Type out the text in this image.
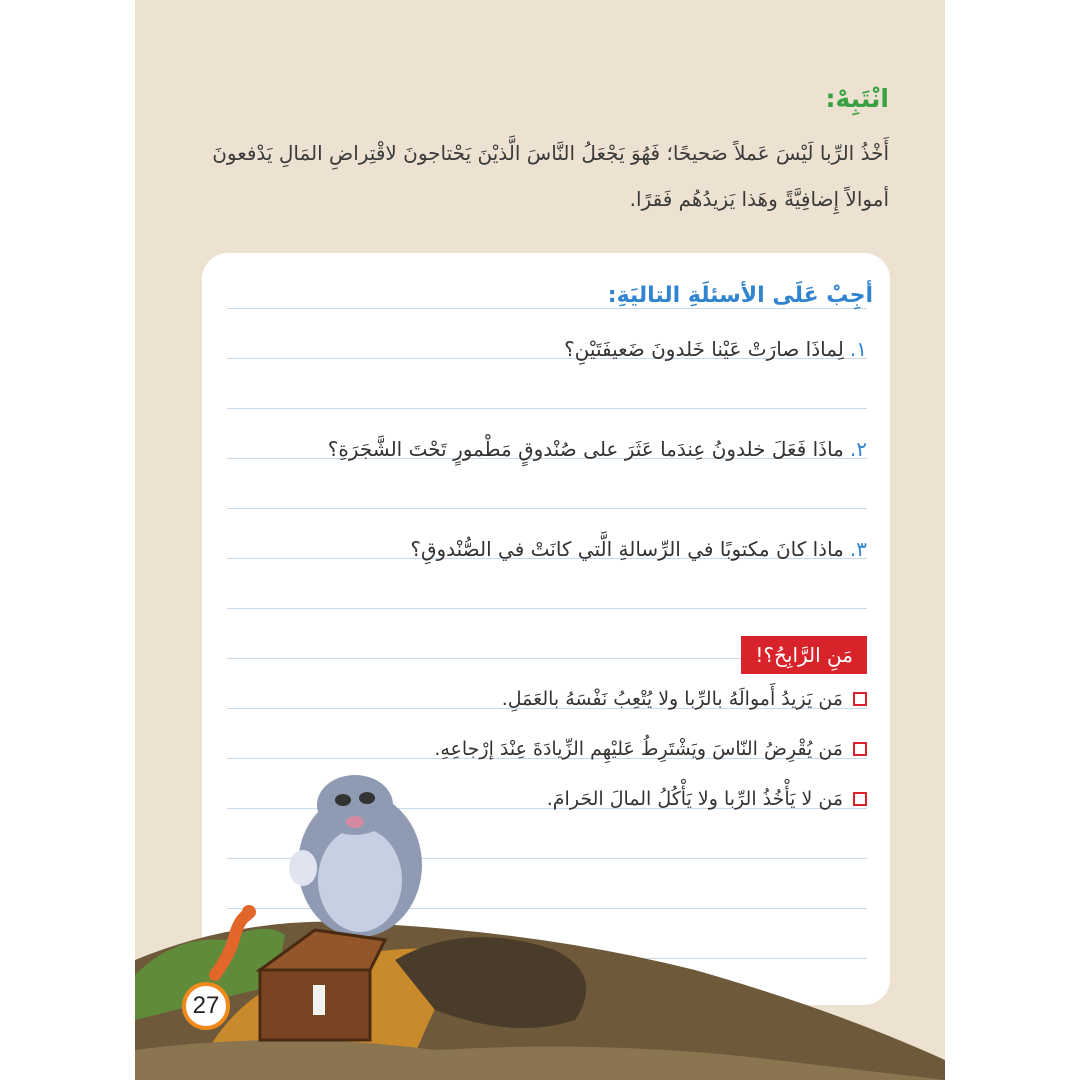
انْتَبِهْ:

أَخْذُ الرِّبا لَيْسَ عَملاً صَحيحًا؛ فَهُوَ يَجْعَلُ النَّاسَ الَّذيْنَ يَحْتاجونَ لاقْتِراضِ المَالِ يَدْفعونَ أموالاً إِضافِيَّةً وهَذا يَزيدُهُم فَقرًا.

أجِبْ عَلَى الأسئلَةِ التاليَةِ:

١.لِماذَا صارَتْ عَيْنا خَلدونَ ضَعيفَتَيْنِ؟

٢.ماذَا فَعَلَ خلدونُ عِندَما عَثَرَ على صُنْدوقٍ مَطْمورٍ تَحْتَ الشَّجَرَةِ؟

٣.ماذا كانَ مكتوبًا في الرِّسالةِ الَّتي كانَتْ في الصُّنْدوقِ؟

مَنِ الرَّابِحُ؟!
مَن يَزيدُ أَموالَهُ بالرِّبا ولا يُتْعِبُ نَفْسَهُ بالعَمَلِ.
مَن يُقْرِضُ النّاسَ ويَشْتَرِطُ عَليْهِم الزِّيادَةَ عِنْدَ إرْجاعِهِ.
مَن لا يَأْخُذُ الرِّبا ولا يَأْكُلُ المالَ الحَرامَ.
27
